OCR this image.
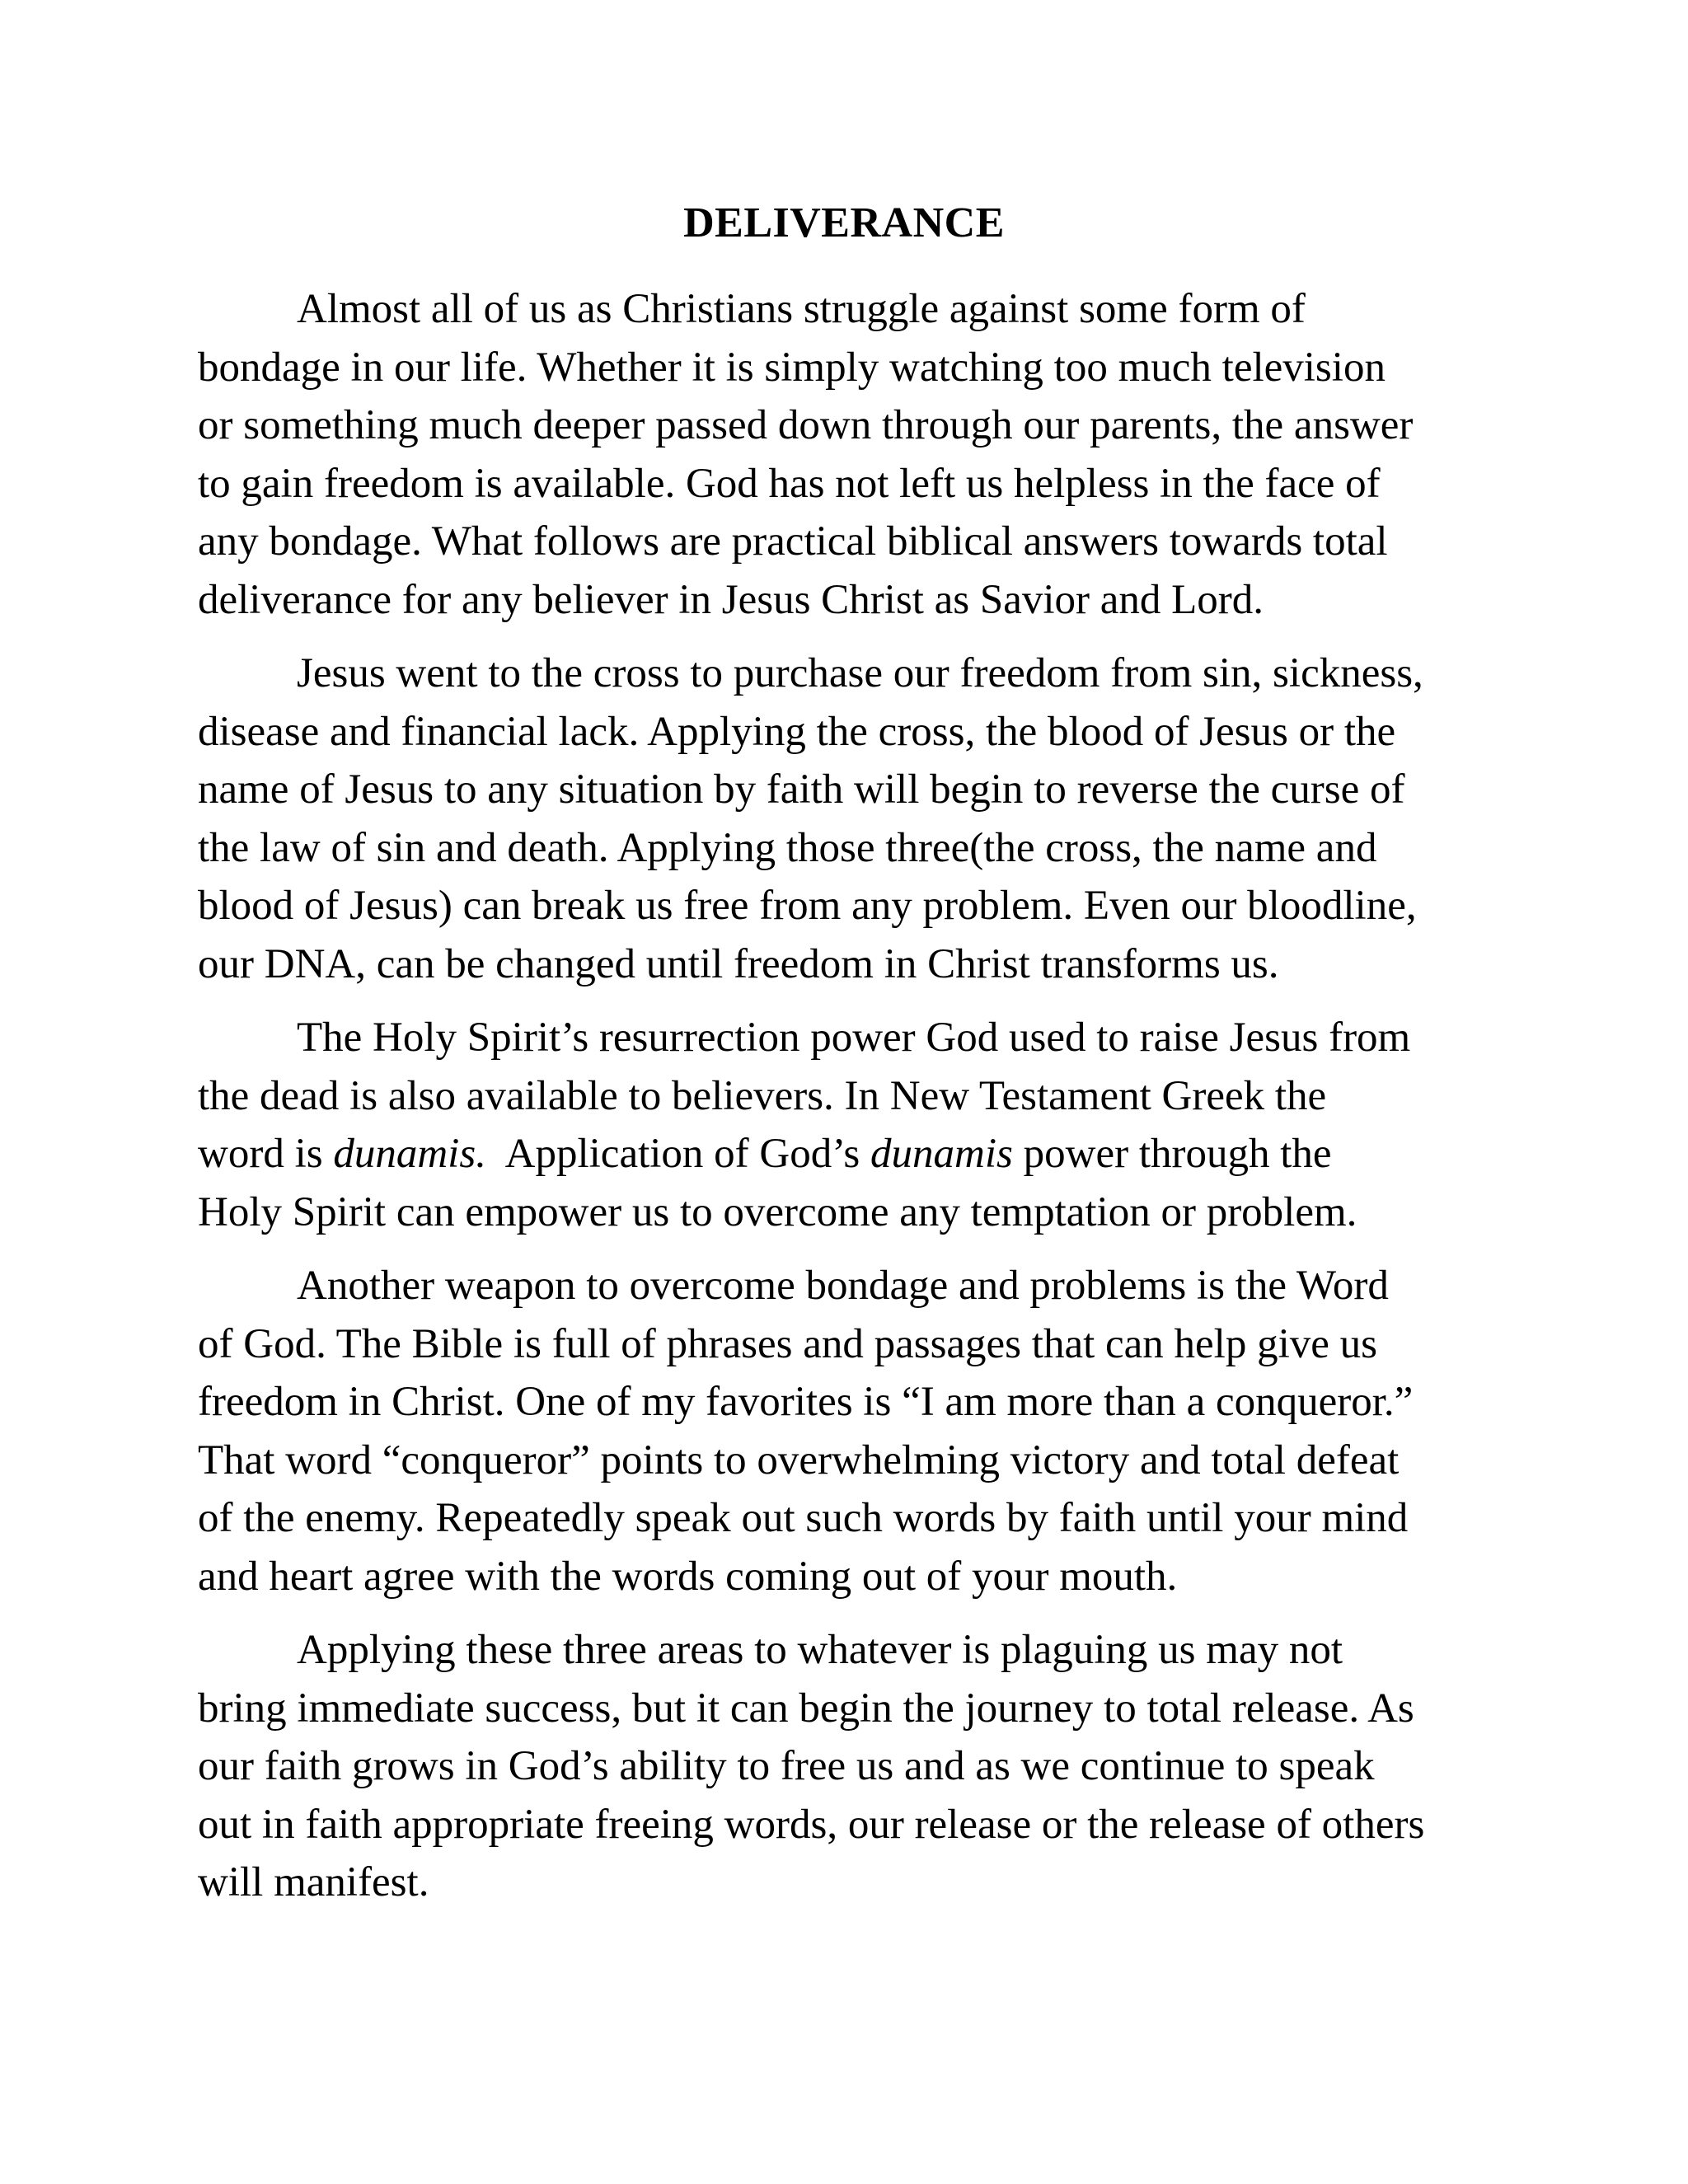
DELIVERANCE

Almost all of us as Christians struggle against some form of
bondage in our life. Whether it is simply watching too much television
or something much deeper passed down through our parents, the answer
to gain freedom is available. God has not left us helpless in the face of
any bondage. What follows are practical biblical answers towards total
deliverance for any believer in Jesus Christ as Savior and Lord.

Jesus went to the cross to purchase our freedom from sin, sickness,
disease and financial lack. Applying the cross, the blood of Jesus or the
name of Jesus to any situation by faith will begin to reverse the curse of
the law of sin and death. Applying those three(the cross, the name and
blood of Jesus) can break us free from any problem. Even our bloodline,
our DNA, can be changed until freedom in Christ transforms us.

The Holy Spirit’s resurrection power God used to raise Jesus from
the dead is also available to believers. In New Testament Greek the
word is dunamis.  Application of God’s dunamis power through the
Holy Spirit can empower us to overcome any temptation or problem.

Another weapon to overcome bondage and problems is the Word
of God. The Bible is full of phrases and passages that can help give us
freedom in Christ. One of my favorites is “I am more than a conqueror.”
That word “conqueror” points to overwhelming victory and total defeat
of the enemy. Repeatedly speak out such words by faith until your mind
and heart agree with the words coming out of your mouth.

Applying these three areas to whatever is plaguing us may not
bring immediate success, but it can begin the journey to total release. As
our faith grows in God’s ability to free us and as we continue to speak
out in faith appropriate freeing words, our release or the release of others
will manifest.
